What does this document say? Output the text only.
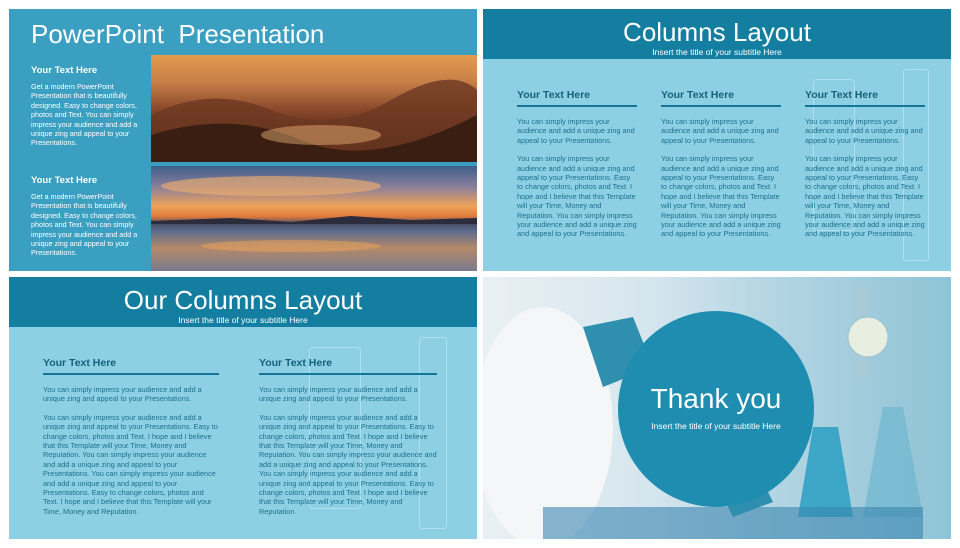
PowerPoint  Presentation
Your Text Here
Get a modern PowerPoint Presentation that is beautifully designed. Easy to change colors, photos and Text. You can simply impress your audience and add a unique zing and appeal to your Presentations.
Your Text Here
Get a modern PowerPoint Presentation that is beautifully designed. Easy to change colors, photos and Text. You can simply impress your audience and add a unique zing and appeal to your Presentations.
Columns Layout
Insert the title of your subtitle Here
Your Text Here

You can simply impress your audience and add a unique zing and appeal to your Presentations.

You can simply impress your audience and add a unique zing and appeal to your Presentations. Easy to change colors, photos and Text. I hope and I believe that this Template will your Time, Money and Reputation. You can simply impress your audience and add a unique zing and appeal to your Presentations.

Your Text Here

You can simply impress your audience and add a unique zing and appeal to your Presentations.

You can simply impress your audience and add a unique zing and appeal to your Presentations. Easy to change colors, photos and Text. I hope and I believe that this Template will your Time, Money and Reputation. You can simply impress your audience and add a unique zing and appeal to your Presentations.

Your Text Here

You can simply impress your audience and add a unique zing and appeal to your Presentations.

You can simply impress your audience and add a unique zing and appeal to your Presentations. Easy to change colors, photos and Text. I hope and I believe that this Template will your Time, Money and Reputation. You can simply impress your audience and add a unique zing and appeal to your Presentations.

Our Columns Layout
Insert the title of your subtitle Here
Your Text Here

You can simply impress your audience and add a unique zing and appeal to your Presentations.

You can simply impress your audience and add a unique zing and appeal to your Presentations. Easy to change colors, photos and Text. I hope and I believe that this Template will your Time, Money and Reputation. You can simply impress your audience and add a unique zing and appeal to your Presentations. You can simply impress your audience and add a unique zing and appeal to your Presentations. Easy to change colors, photos and Text. I hope and I believe that this Template will your Time, Money and Reputation.

Your Text Here

You can simply impress your audience and add a unique zing and appeal to your Presentations.

You can simply impress your audience and add a unique zing and appeal to your Presentations. Easy to change colors, photos and Text. I hope and I believe that this Template will your Time, Money and Reputation. You can simply impress your audience and add a unique zing and appeal to your Presentations. You can simply impress your audience and add a unique zing and appeal to your Presentations. Easy to change colors, photos and Text. I hope and I believe that this Template will your Time, Money and Reputation.

Thank you
Insert the title of your subtitle Here
